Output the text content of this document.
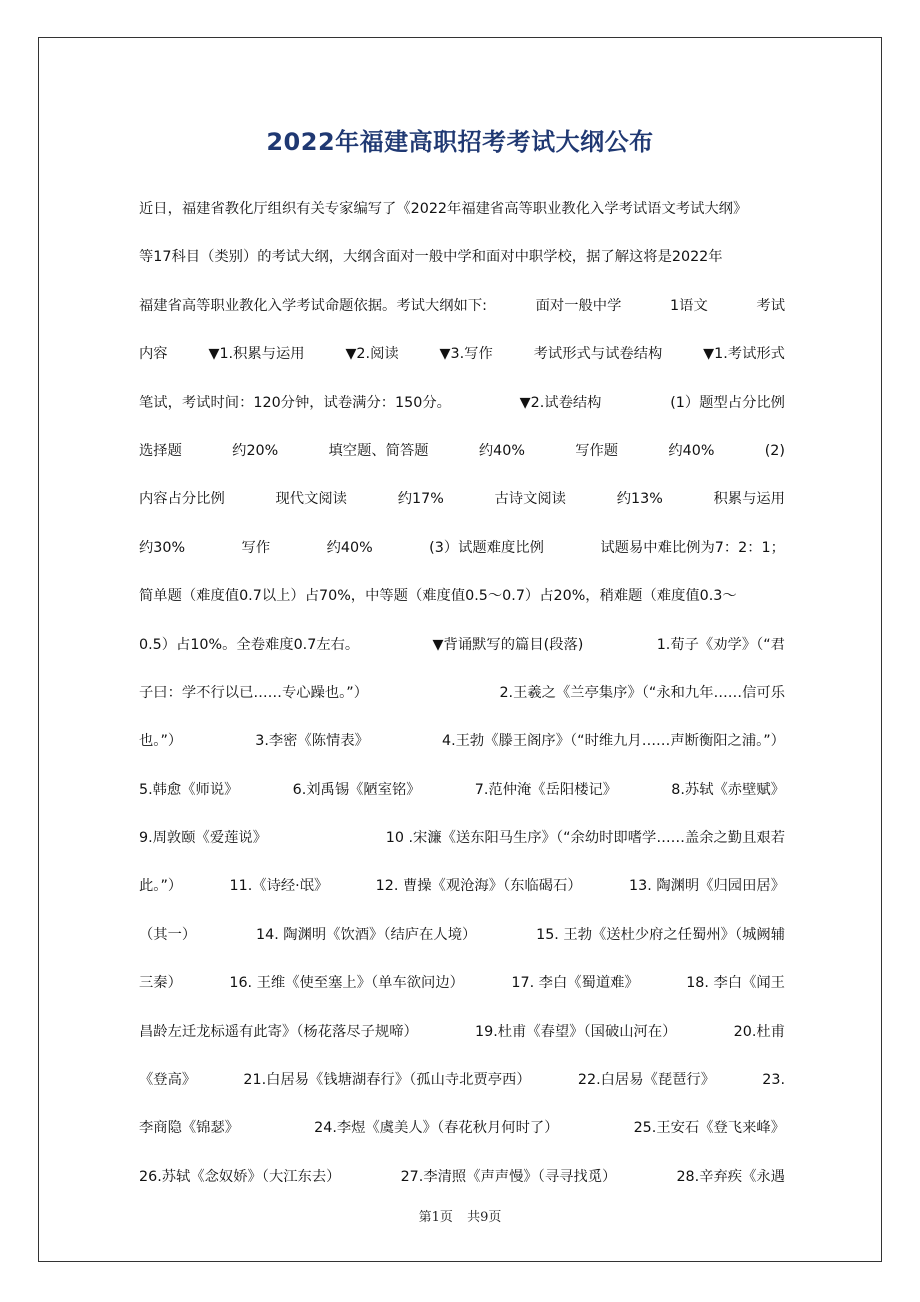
2022年福建高职招考考试大纲公布
近日，福建省教化厅组织有关专家编写了《2022年福建省高等职业教化入学考试语文考试大纲》
等17科目（类别）的考试大纲，大纲含面对一般中学和面对中职学校，据了解这将是2022年
福建省高等职业教化入学考试命题依据。考试大纲如下:	面对一般中学	1语文	考试
内容	▼1.积累与运用	▼2.阅读	▼3.写作	考试形式与试卷结构	▼1.考试形式
笔试，考试时间：120分钟，试卷满分：150分。	▼2.试卷结构	(1）题型占分比例
选择题	约20%	填空题、简答题	约40%	写作题	约40%	(2)
内容占分比例	现代文阅读	约17%	古诗文阅读	约13%	积累与运用
约30%	写作	约40%	(3）试题难度比例	试题易中难比例为7：2：1；
简单题（难度值0.7以上）占70%，中等题（难度值0.5～0.7）占20%，稍难题（难度值0.3～
0.5）占10%。全卷难度0.7左右。	▼背诵默写的篇目(段落)	1.荀子《劝学》（“君
子曰：学不行以已……专心躁也。”）	2.王羲之《兰亭集序》（“永和九年……信可乐
也。”）	3.李密《陈情表》	4.王勃《滕王阁序》（“时维九月……声断衡阳之浦。”）
5.韩愈《师说》	6.刘禹锡《陋室铭》	7.范仲淹《岳阳楼记》	8.苏轼《赤壁赋》
9.周敦颐《爱莲说》	10 .宋濂《送东阳马生序》（“余幼时即嗜学……盖余之勤且艰若
此。”）	11.《诗经·氓》	12. 曹操《观沧海》（东临碣石）	13. 陶渊明《归园田居》
（其一）	14. 陶渊明《饮酒》（结庐在人境）	15. 王勃《送杜少府之任蜀州》（城阙辅
三秦）	16. 王维《使至塞上》（单车欲问边）	17. 李白《蜀道难》	18. 李白《闻王
昌龄左迁龙标遥有此寄》（杨花落尽子规啼）	19.杜甫《春望》（国破山河在）	20.杜甫
《登高》	21.白居易《钱塘湖春行》（孤山寺北贾亭西）	22.白居易《琵琶行》	23.
李商隐《锦瑟》	24.李煜《虞美人》（春花秋月何时了）	25.王安石《登飞来峰》
26.苏轼《念奴娇》（大江东去）	27.李清照《声声慢》（寻寻找觅）	28.辛弃疾《永遇
第1页 共9页
